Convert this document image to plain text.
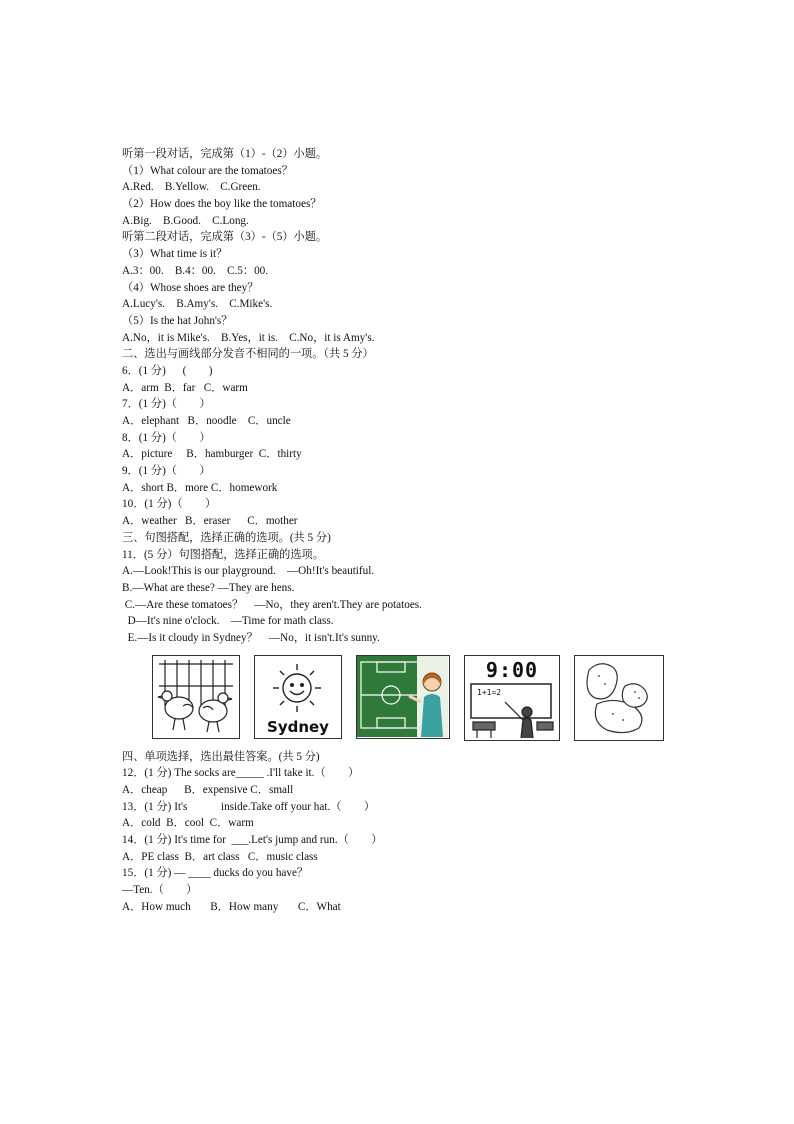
听第一段对话，完成第（1）-（2）小题。
（1）What colour are the tomatoes？
A.Red.    B.Yellow.    C.Green.
（2）How does the boy like the tomatoes？
A.Big.    B.Good.    C.Long.
听第二段对话，完成第（3）-（5）小题。
（3）What time is it？
A.3：00.    B.4：00.    C.5：00.
（4）Whose shoes are they？
A.Lucy's.    B.Amy's.    C.Mike's.
（5）Is the hat John's？
A.No，it is Mike's.    B.Yes，it is.    C.No，it is Amy's.
二、选出与画线部分发音不相同的一项。（共 5 分）
6．(1 分)      (        )
A．arm  B．far   C．warm
7．(1 分)（        ）
A．elephant   B．noodle    C．uncle
8．(1 分)（        ）
A．picture     B．hamburger  C．thirty
9．(1 分)（        ）
A．short B．more C．homework
10．(1 分)（        ）
A．weather   B．eraser      C．mother
三、句图搭配，选择正确的选项。(共 5 分)
11．(5 分）句图搭配，选择正确的选项。
A.—Look!This is our playground.    —Oh!It's beautiful.
B.—What are these? —They are hens.
C.—Are these tomatoes？    —No，they aren't.They are potatoes.
D—It's nine o'clock.    —Time for math class.
E.—Is it cloudy in Sydney？    —No，it isn't.It's sunny.
Sydney
9:00
1+1=2
四、单项选择，选出最佳答案。(共 5 分)
12．(1 分) The socks are_____ .I'll take it.（        ）
A．cheap      B．expensive C．small
13．(1 分) It's            inside.Take off your hat.（        ）
A．cold  B．cool  C．warm
14．(1 分) It's time for  ___.Let's jump and run.（        ）
A．PE class  B．art class   C．music class
15．(1 分) — ____ ducks do you have？
—Ten.（        ）
A．How much       B．How many       C．What
